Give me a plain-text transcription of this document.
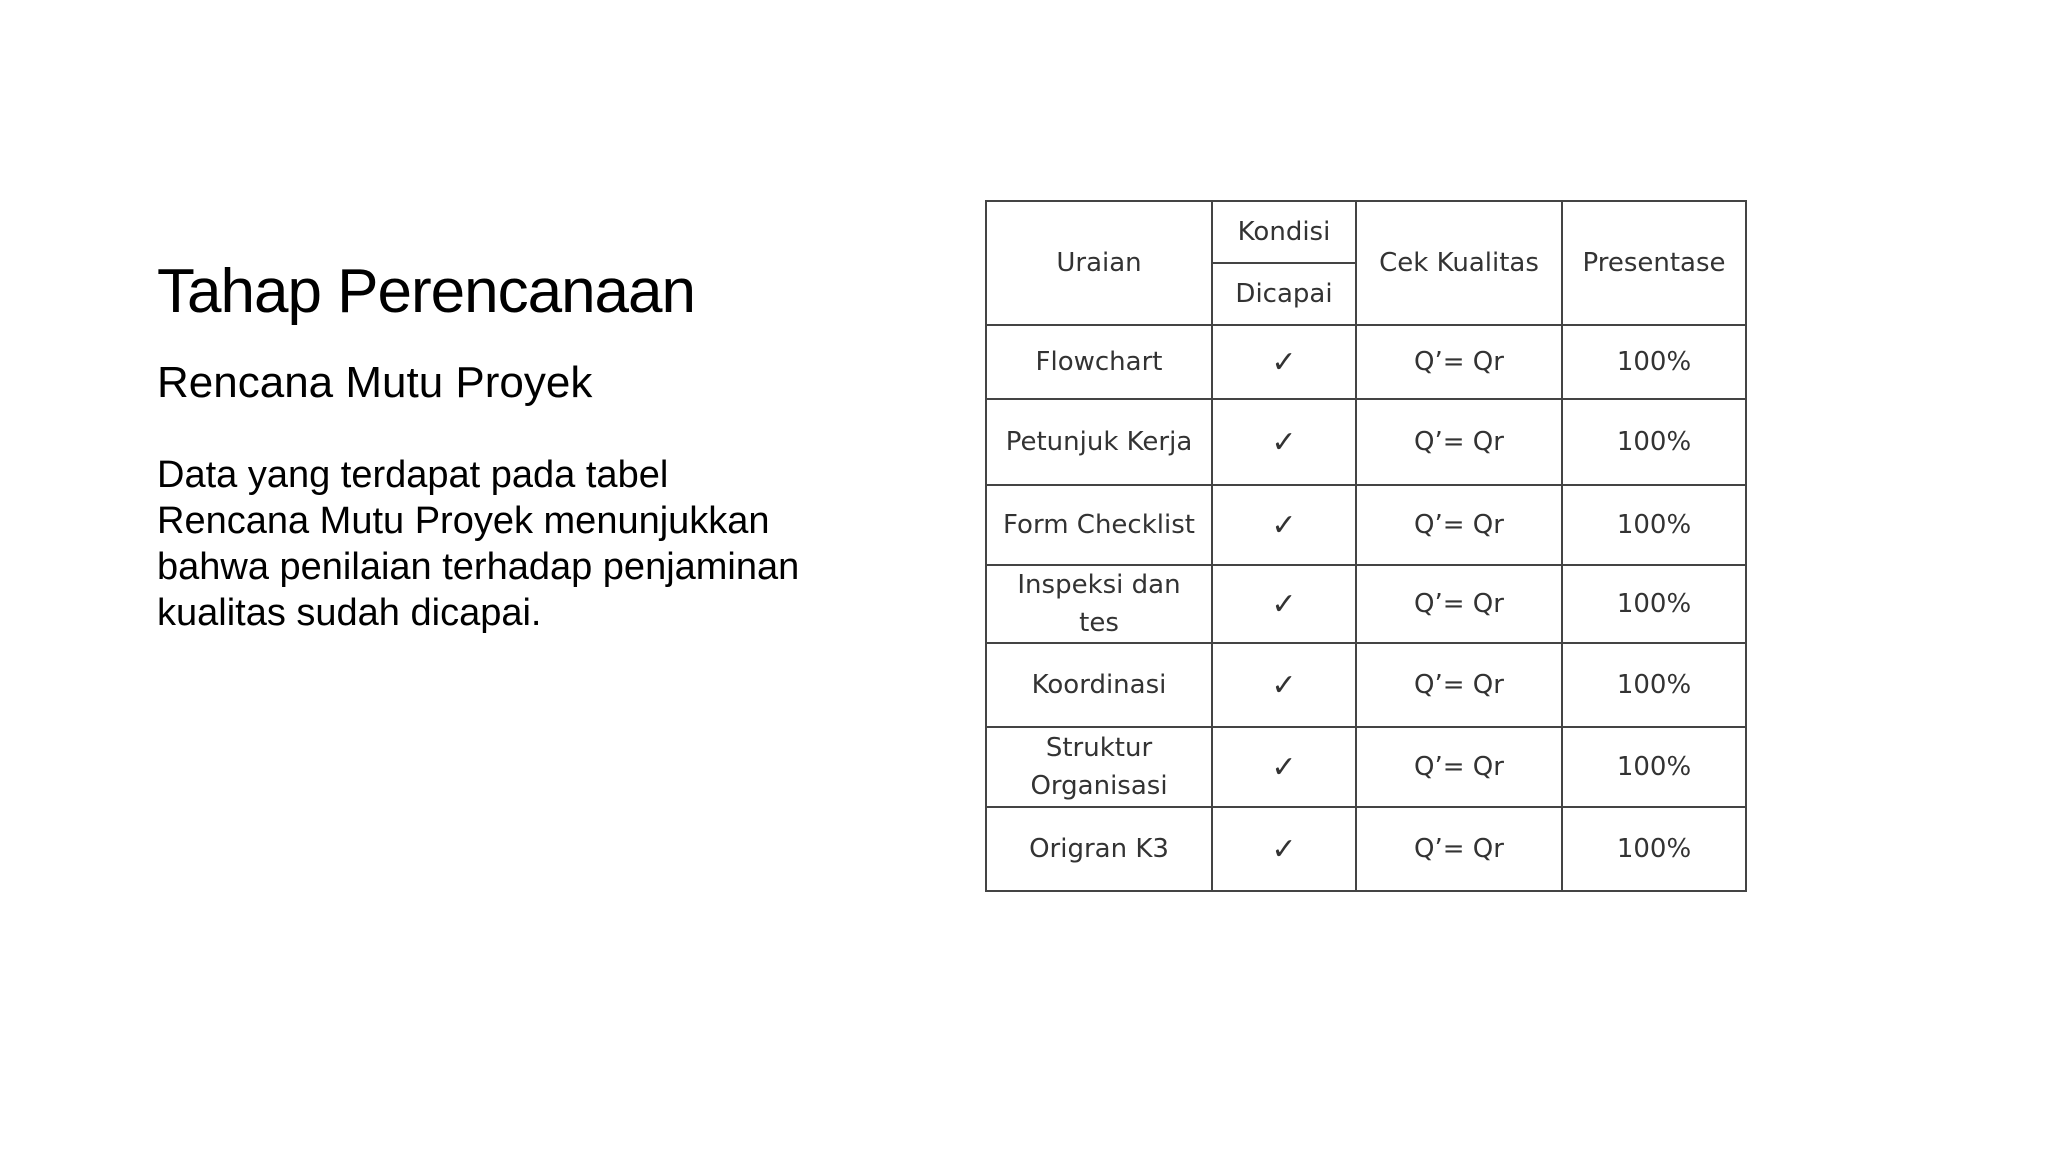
Tahap Perencanaan
Rencana Mutu Proyek
Data yang terdapat pada tabel Rencana Mutu Proyek menunjukkan bahwa penilaian terhadap penjaminan kualitas sudah dicapai.
Uraian	Kondisi	Cek Kualitas	Presentase
	Dicapai		

Flowchart	✓	Q’= Qr	100%

Petunjuk Kerja	✓	Q’= Qr	100%

Form Checklist	✓	Q’= Qr	100%

Inspeksi dan
tes	✓	Q’= Qr	100%

Koordinasi	✓	Q’= Qr	100%

Struktur
Organisasi	✓	Q’= Qr	100%

Origran K3	✓	Q’= Qr	100%
